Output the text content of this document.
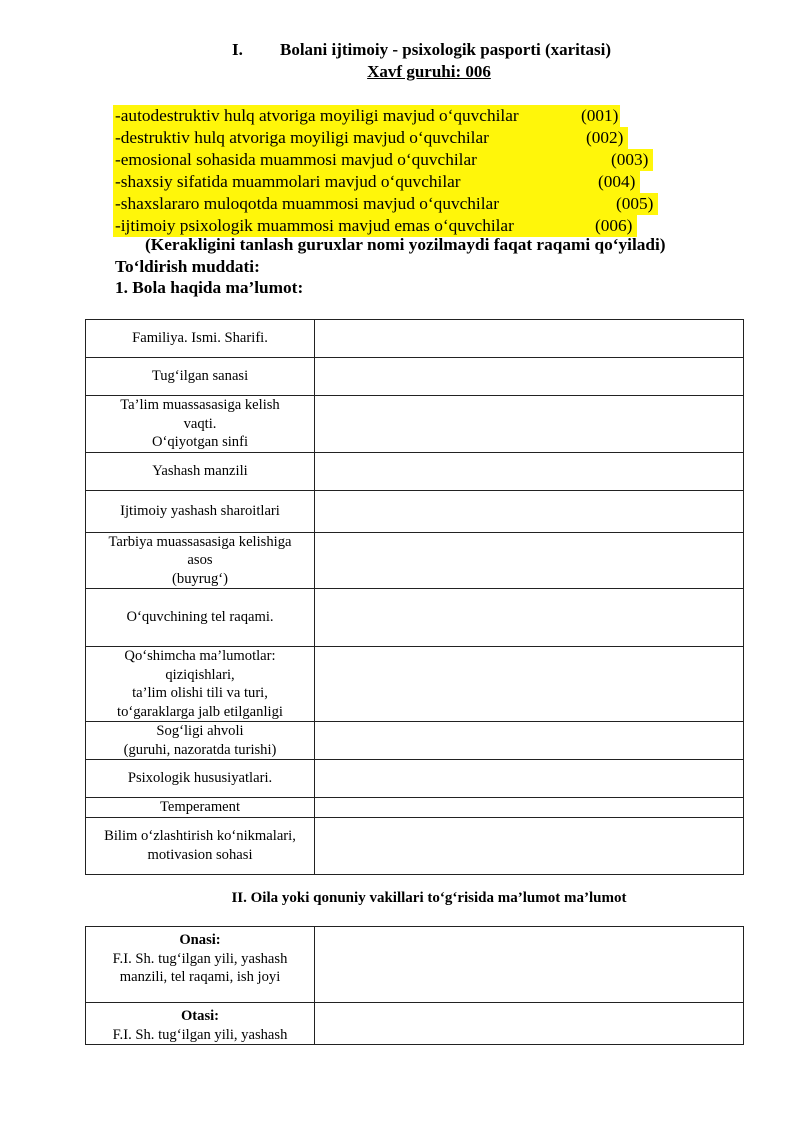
I. Bolani ijtimoiy - psixologik pasporti (xaritasi)
Xavf guruhi: 006
-autodestruktiv hulq atvoriga moyiligi mavjud o‘quvchilar	(001)
-destruktiv hulq atvoriga moyiligi mavjud o‘quvchilar	(002)
-emosional sohasida muammosi mavjud o‘quvchilar	(003)
-shaxsiy sifatida muammolari mavjud o‘quvchilar	(004)
-shaxslararo muloqotda muammosi mavjud o‘quvchilar	(005)
-ijtimoiy psixologik muammosi mavjud emas o‘quvchilar	(006)
(Kerakligini tanlash guruxlar nomi yozilmaydi faqat raqami qo‘yiladi)
To‘ldirish muddati:
1. Bola haqida ma’lumot:
Familiya. Ismi. Sharifi.	

Tug‘ilgan sanasi	

Ta’lim muassasasiga kelish
vaqti.
O‘qiyotgan sinfi	

Yashash manzili	

Ijtimoiy yashash sharoitlari	

Tarbiya muassasasiga kelishiga
asos
(buyrug‘)	

O‘quvchining tel raqami.	

Qo‘shimcha ma’lumotlar:
qiziqishlari,
ta’lim olishi tili va turi,
to‘garaklarga jalb etilganligi	

Sog‘ligi ahvoli
(guruhi, nazoratda turishi)	

Psixologik hususiyatlari.	

Temperament	

Bilim o‘zlashtirish ko‘nikmalari,
motivasion sohasi	

II. Oila yoki qonuniy vakillari to‘g‘risida ma’lumot ma’lumot
Onasi:
F.I. Sh. tug‘ilgan yili, yashash
manzili, tel raqami, ish joyi	

Otasi:
F.I. Sh. tug‘ilgan yili, yashash	
